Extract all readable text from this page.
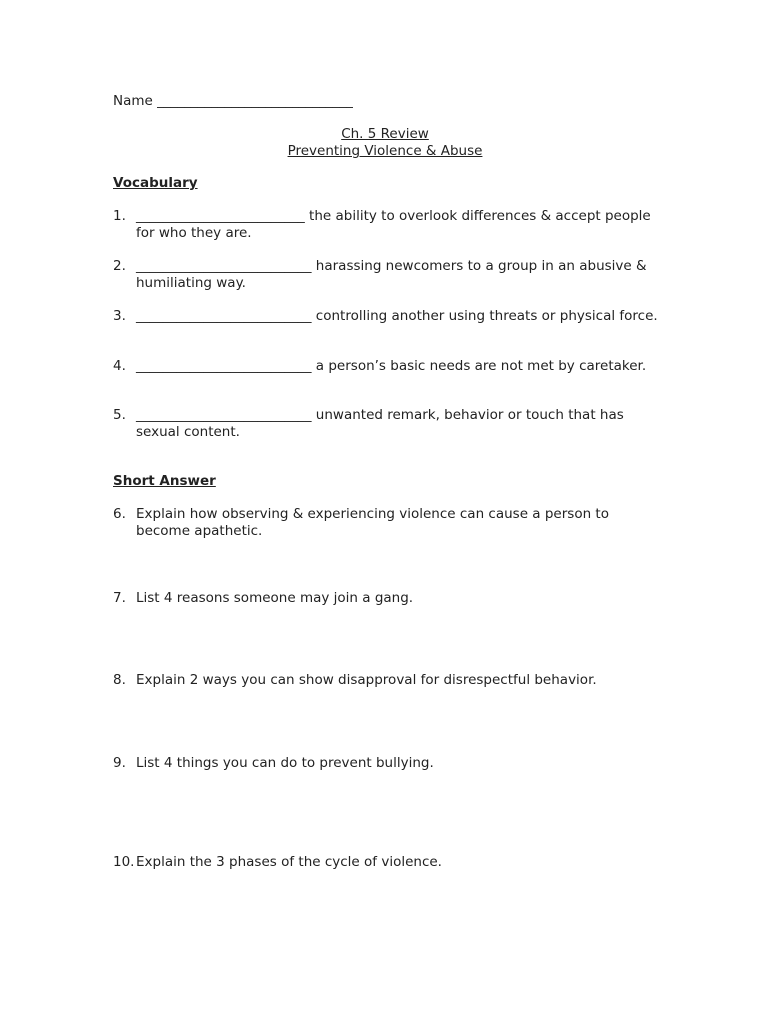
Name _____________________________
Ch. 5 Review
Preventing Violence & Abuse
Vocabulary
1. _________________________ the ability to overlook differences & accept people for who they are.
2. __________________________ harassing newcomers to a group in an abusive & humiliating way.
3. __________________________ controlling another using threats or physical force.
4. __________________________ a person’s basic needs are not met by caretaker.
5. __________________________ unwanted remark, behavior or touch that has sexual content.
Short Answer
6. Explain how observing & experiencing violence can cause a person to become apathetic.
7. List 4 reasons someone may join a gang.
8. Explain 2 ways you can show disapproval for disrespectful behavior.
9. List 4 things you can do to prevent bullying.
10. Explain the 3 phases of the cycle of violence.
